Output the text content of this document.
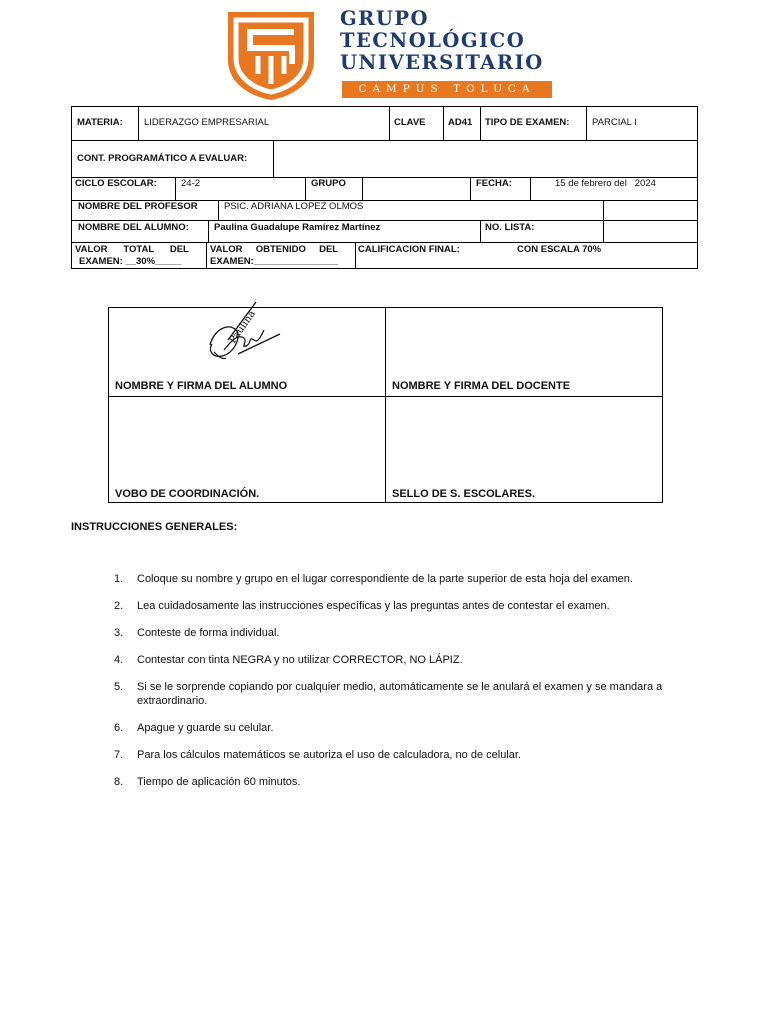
GRUPO
TECNOLÓGICO
UNIVERSITARIO
CAMPUS TOLUCA
MATERIA: LIDERAZGO EMPRESARIAL	CLAVE AD41 TIPO DE EXAMEN: PARCIAL I
CONT. PROGRAMÁTICO A EVALUAR:
CICLO ESCOLAR:	24-2	GRUPO	FECHA:	15 de febrero del   2024
NOMBRE DEL PROFESOR	PSIC. ADRIANA LOPEZ OLMOS
NOMBRE DEL ALUMNO:	Paulina Guadalupe Ramírez Martínez	NO. LISTA:
VALOR      TOTAL      DEL
EXAMEN: __30%_____
VALOR     OBTENIDO     DEL
EXAMEN:________________
CALIFICACION FINAL:	CON ESCALA 70%
Paulina
NOMBRE Y FIRMA DEL ALUMNO	NOMBRE Y FIRMA DEL DOCENTE
VOBO DE COORDINACIÓN.	SELLO DE S. ESCOLARES.
INSTRUCCIONES GENERALES:
1. Coloque su nombre y grupo en el lugar correspondiente de la parte superior de esta hoja del examen.
2. Lea cuidadosamente las instrucciones específicas y las preguntas antes de contestar el examen.
3. Conteste de forma individual.
4. Contestar con tinta NEGRA y no utilizar CORRECTOR, NO LÁPIZ.
5. Si se le sorprende copiando por cualquier medio, automáticamente se le anulará el examen y se mandara a extraordinario.
6. Apague y guarde su celular.
7. Para los cálculos matemáticos se autoriza el uso de calculadora, no de celular.
8. Tiempo de aplicación 60 minutos.
